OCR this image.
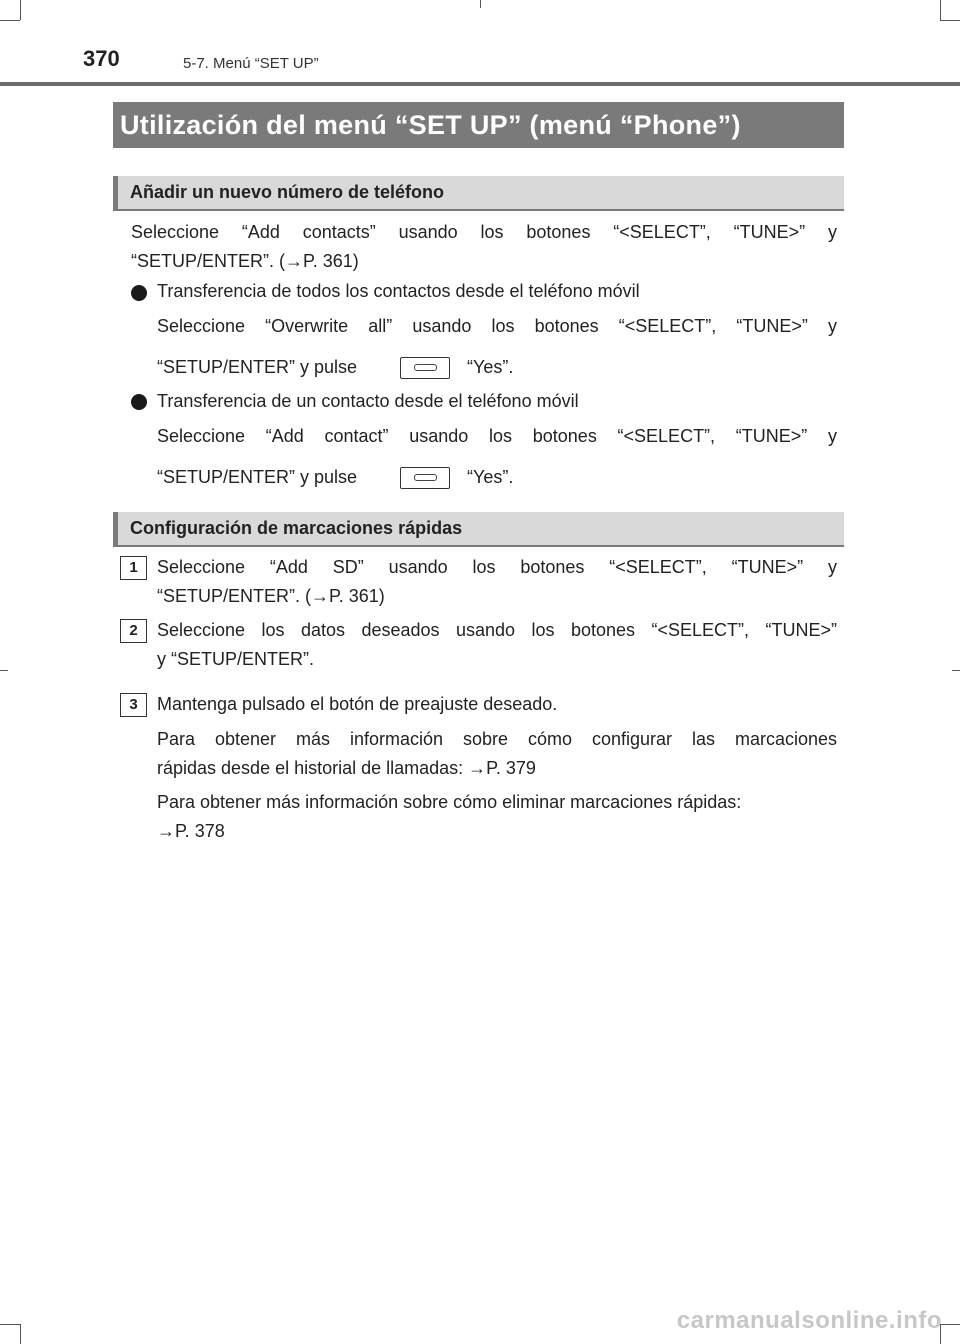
370	5-7. Menú “SET UP”
Utilización del menú “SET UP” (menú “Phone”)
Añadir un nuevo número de teléfono
Seleccione “Add contacts” usando los botones “<SELECT”, “TUNE>” y
“SETUP/ENTER”. (→P. 361)
Transferencia de todos los contactos desde el teléfono móvil
Seleccione “Overwrite all” usando los botones “<SELECT”, “TUNE>” y
“SETUP/ENTER” y pulse	“Yes”.
Transferencia de un contacto desde el teléfono móvil
Seleccione “Add contact” usando los botones “<SELECT”, “TUNE>” y
“SETUP/ENTER” y pulse	“Yes”.
Configuración de marcaciones rápidas
1	Seleccione “Add SD” usando los botones “<SELECT”, “TUNE>” y
“SETUP/ENTER”. (→P. 361)
2	Seleccione los datos deseados usando los botones “<SELECT”, “TUNE>”
y “SETUP/ENTER”.
3	Mantenga pulsado el botón de preajuste deseado.
Para obtener más información sobre cómo configurar las marcaciones
rápidas desde el historial de llamadas: →P. 379
Para obtener más información sobre cómo eliminar marcaciones rápidas:
→P. 378
carmanualsonline.info
